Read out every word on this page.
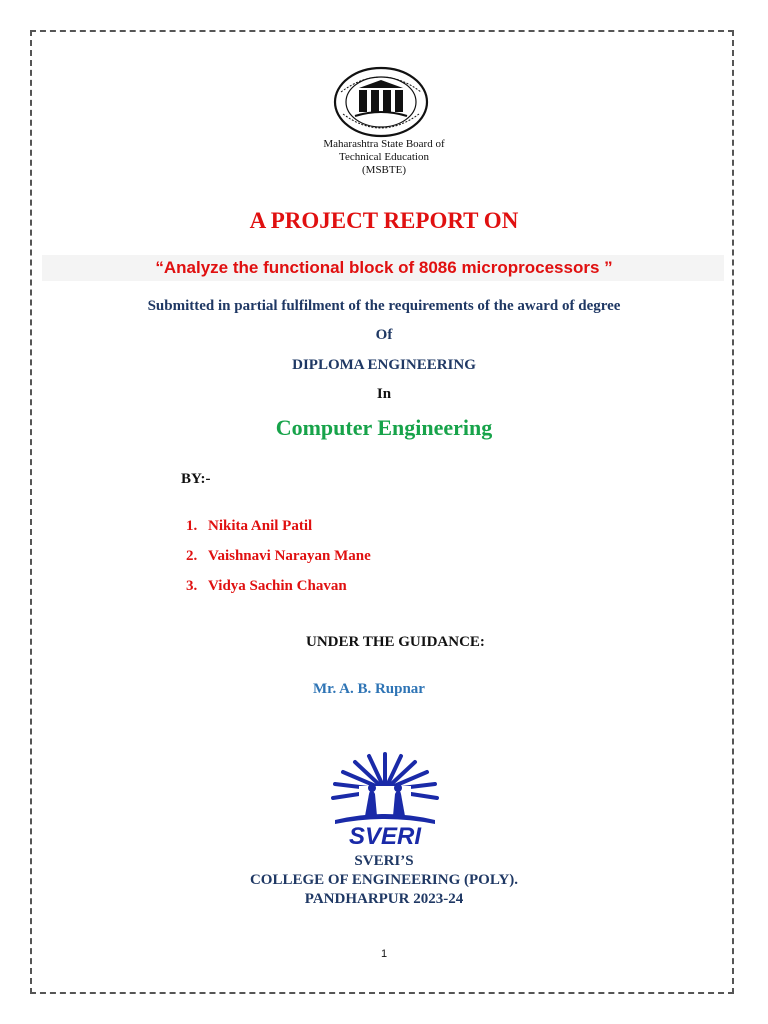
Maharashtra State Board of
Technical Education
(MSBTE)
A PROJECT REPORT ON
“Analyze the functional block of 8086 microprocessors ”
Submitted in partial fulfilment of the requirements of the award of degree
Of
DIPLOMA ENGINEERING
In
Computer Engineering
BY:-
1. Nikita Anil Patil
2. Vaishnavi Narayan Mane
3. Vidya Sachin Chavan
UNDER THE GUIDANCE:
Mr. A. B. Rupnar
SVERI
SVERI’S
COLLEGE OF ENGINEERING (POLY).
PANDHARPUR 2023-24
1
